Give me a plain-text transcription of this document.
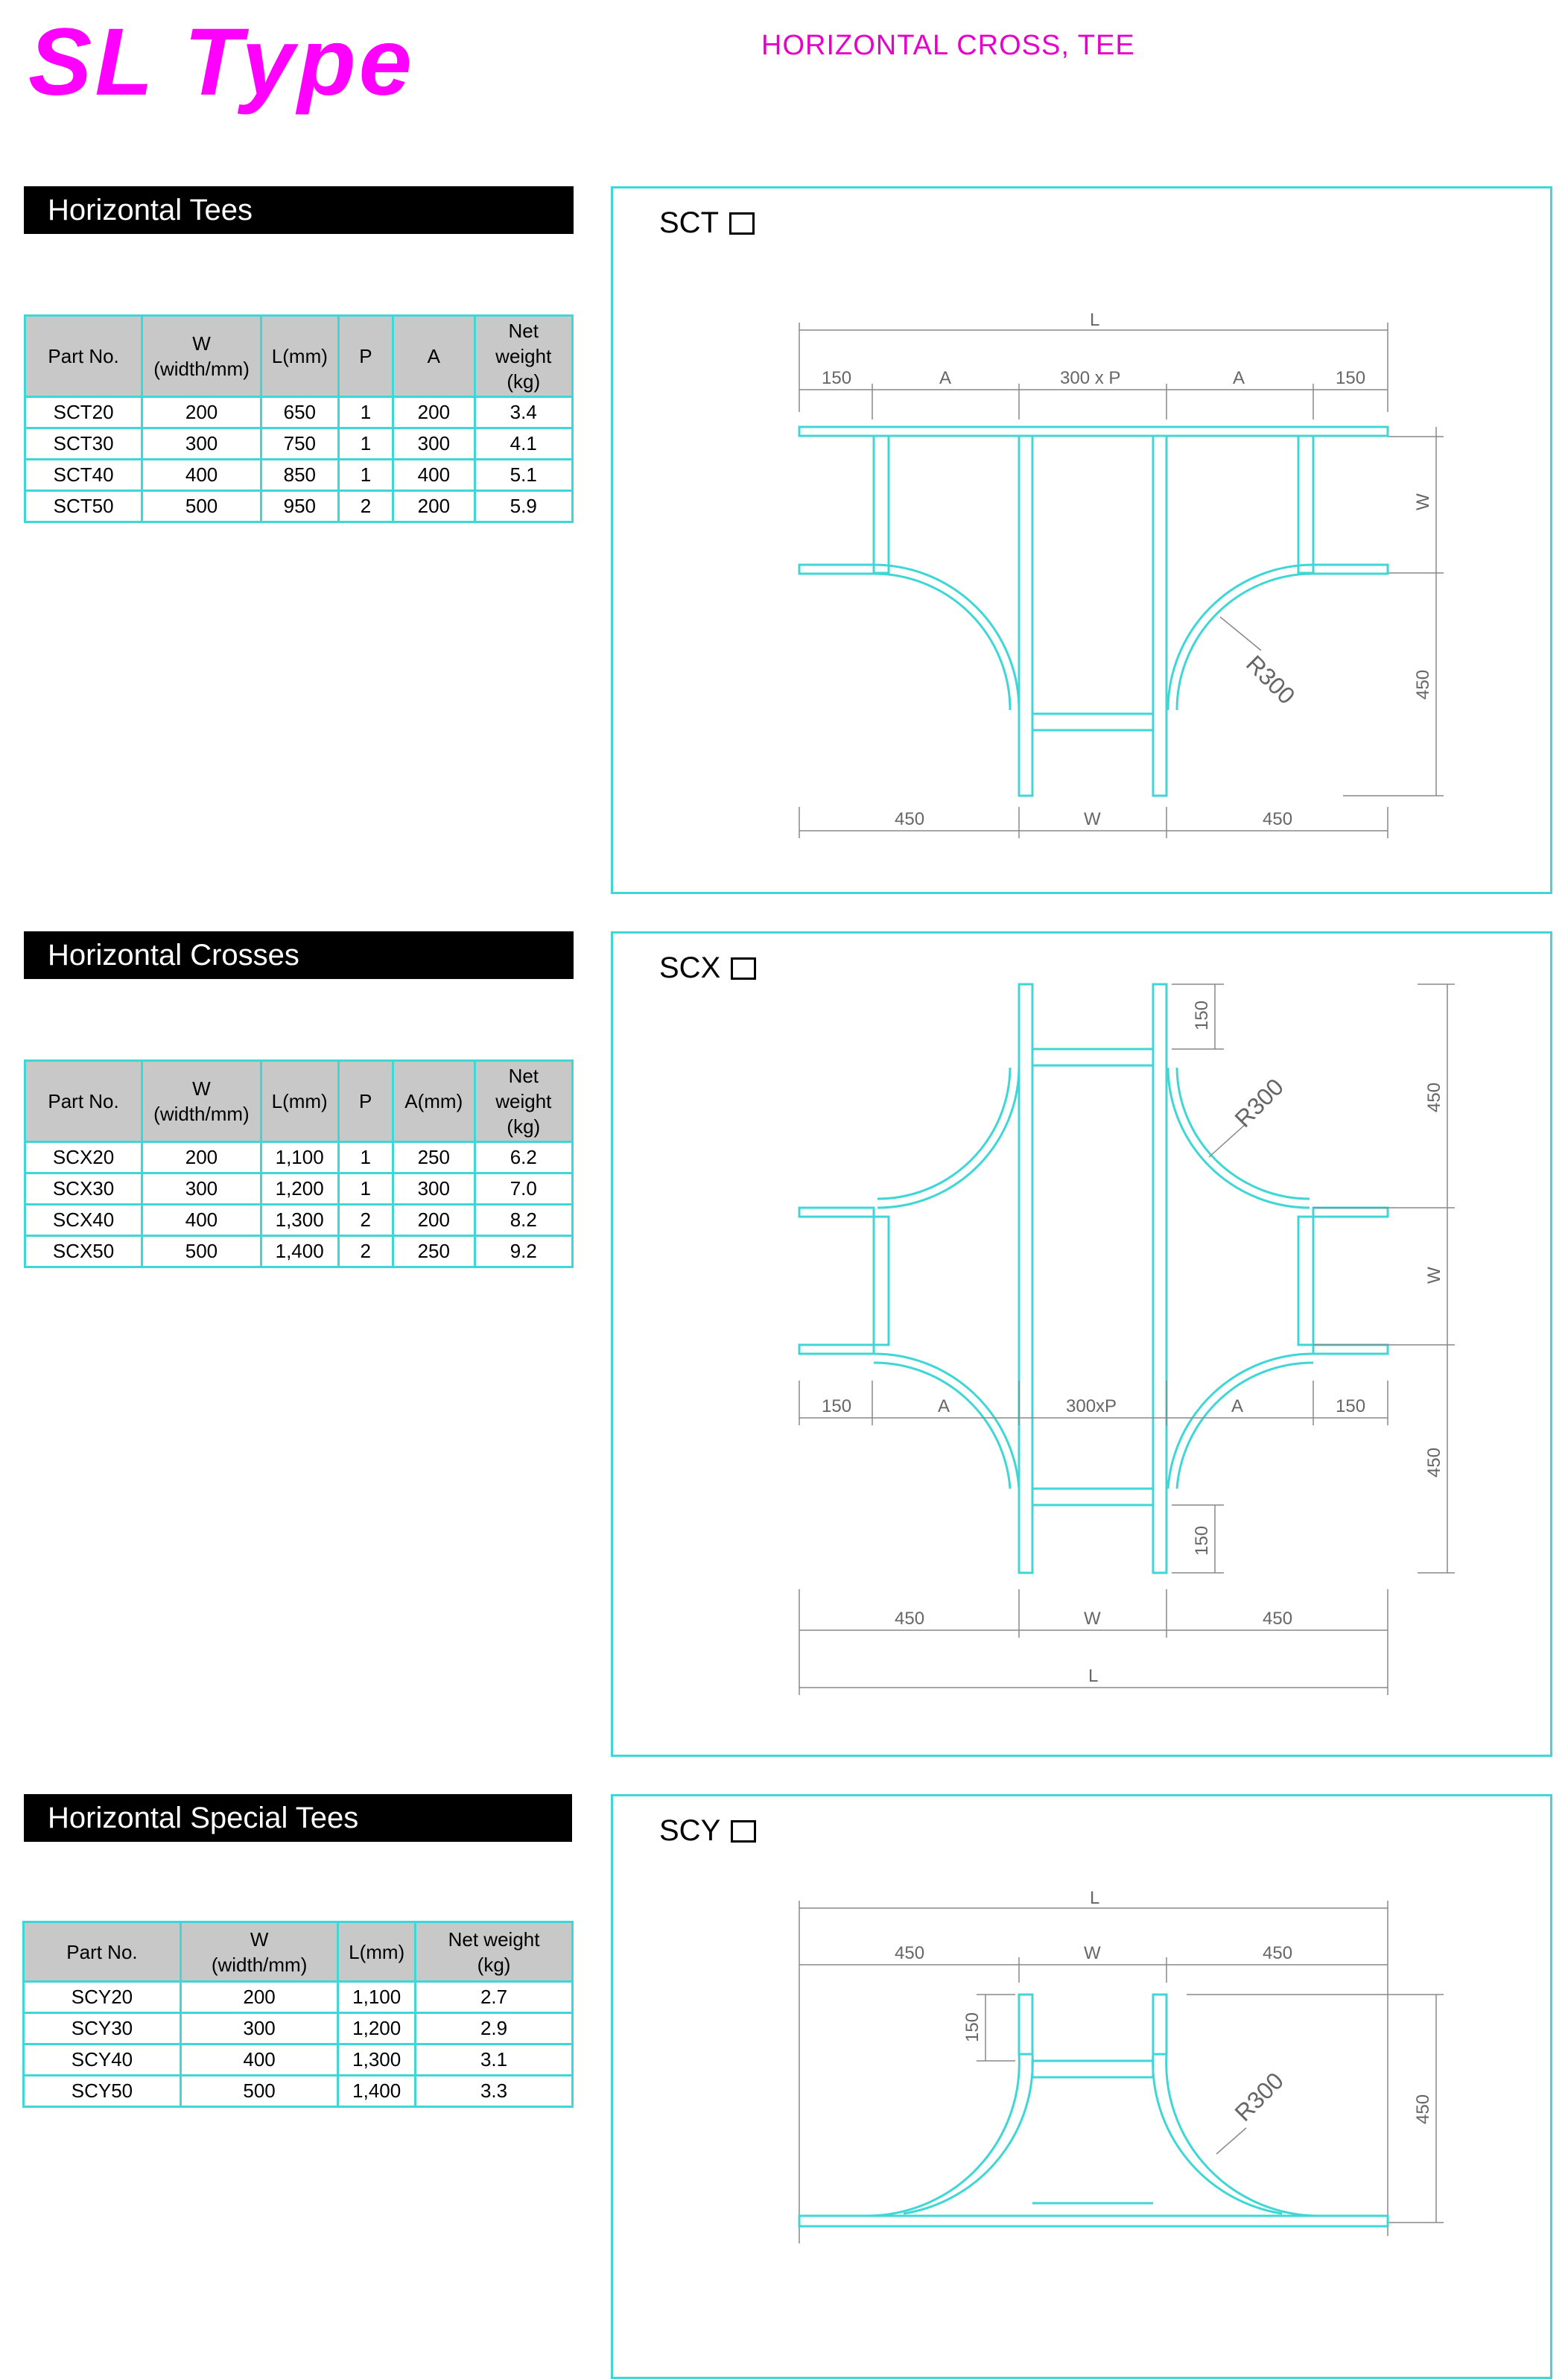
SL Type	HORIZONTAL CROSS, TEE
Horizontal Tees
Part No.	W
(width/mm)	L(mm)	P	A	Net weight
(kg)
SCT20	200	650	1	200	3.4
SCT30	300	750	1	300	4.1
SCT40	400	850	1	400	5.1
SCT50	500	950	2	200	5.9
SCT
L
150	A	300 x P	A	150
W
450
450	W	450
R300
Horizontal Crosses
Part No.	W
(width/mm)	L(mm)	P	A(mm)	Net weight
(kg)
SCX20	200	1,100	1	250	6.2
SCX30	300	1,200	1	300	7.0
SCX40	400	1,300	2	200	8.2
SCX50	500	1,400	2	250	9.2
SCX
150
R300	450
W
450
150	A	300xP	A	150
150
450	W	450
L
Horizontal Special Tees
Part No.	W
(width/mm)	L(mm)	Net weight
(kg)
SCY20	200	1,100	2.7
SCY30	300	1,200	2.9
SCY40	400	1,300	3.1
SCY50	500	1,400	3.3
SCY
L
450	W	450
150
450
R300
